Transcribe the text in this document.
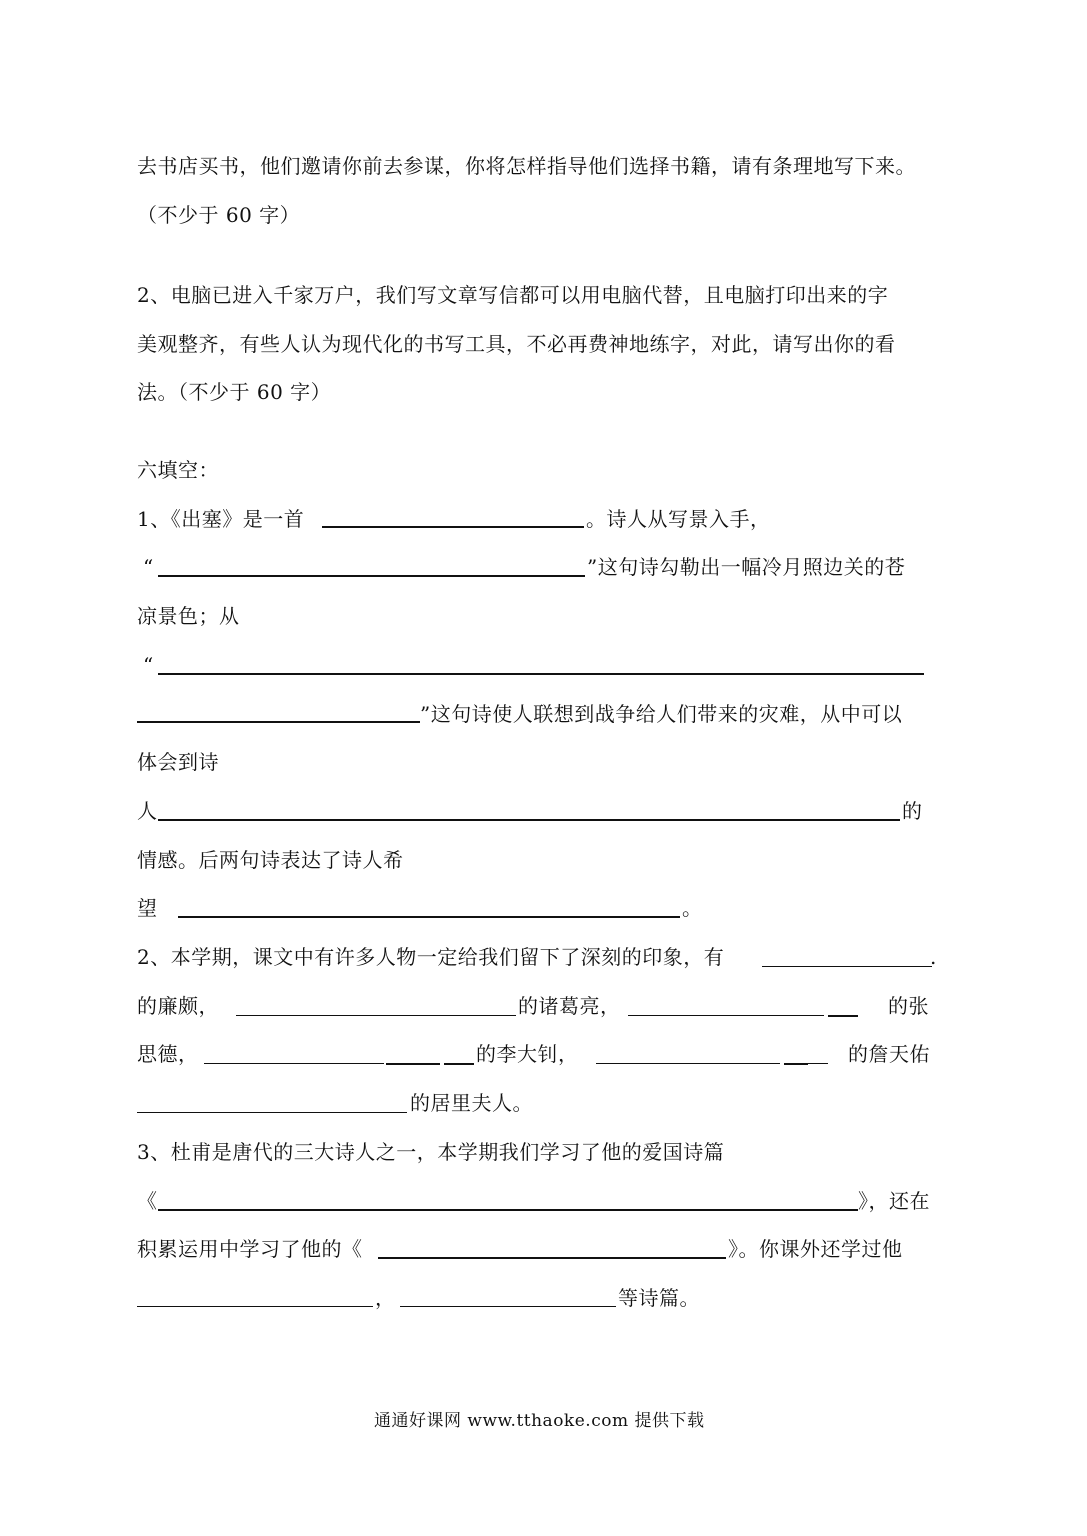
去书店买书，他们邀请你前去参谋，你将怎样指导他们选择书籍，请有条理地写下来。
（不少于 60 字）
2、电脑已进入千家万户，我们写文章写信都可以用电脑代替，且电脑打印出来的字
美观整齐，有些人认为现代化的书写工具，不必再费神地练字，对此，请写出你的看
法。（不少于 60 字）
六填空：
1、《出塞》是一首	。诗人从写景入手，
“	”这句诗勾勒出一幅冷月照边关的苍
凉景色；从
“
”这句诗使人联想到战争给人们带来的灾难，从中可以
体会到诗
人	的
情感。后两句诗表达了诗人希
望	。
2、本学期，课文中有许多人物一定给我们留下了深刻的印象，有	.
的廉颇，	的诸葛亮，	的张
思德，	的李大钊，	的詹天佑
的居里夫人。
3、杜甫是唐代的三大诗人之一，本学期我们学习了他的爱国诗篇
《	》，还在
积累运用中学习了他的《	》。你课外还学过他
，	等诗篇。
通通好课网 www.tthaoke.com 提供下载
